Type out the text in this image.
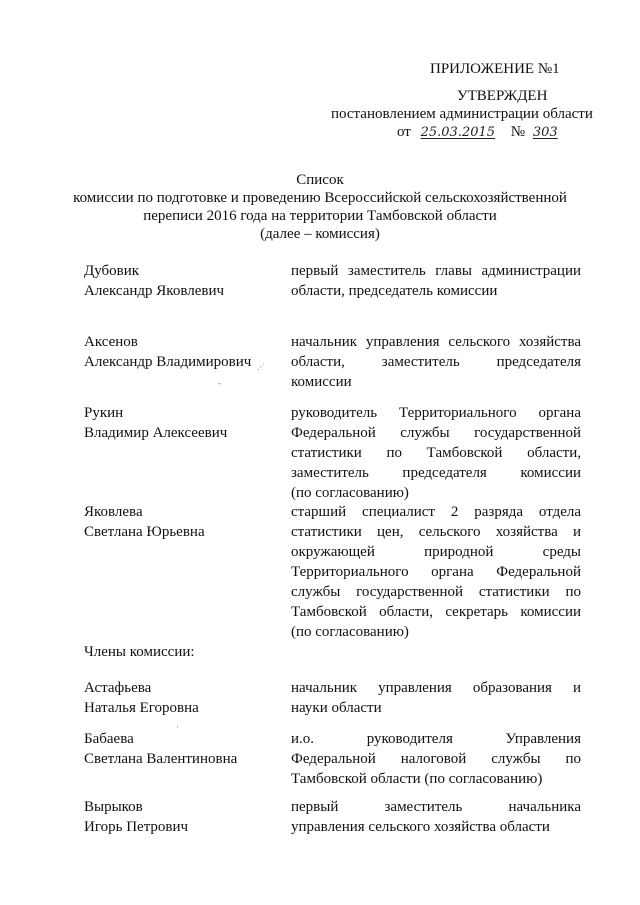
ПРИЛОЖЕНИЕ №1
УТВЕРЖДЕН
постановлением администрации области
от 25.03.2015 № 303
Список
комиссии по подготовке и проведению Всероссийской сельскохозяйственной
переписи 2016 года на территории Тамбовской области
(далее – комиссия)
Дубовик
Александр Яковлевич
первый заместитель главы администрации
области, председатель комиссии
Аксенов
Александр Владимирович .·˙
-
начальник управления сельского хозяйства
области, заместитель председателя
комиссии
Рукин
Владимир Алексеевич
руководитель Территориального органа
Федеральной службы государственной
статистики по Тамбовской области,
заместитель председателя комиссии
(по согласованию)
Яковлева
Светлана Юрьевна
старший специалист 2 разряда отдела
статистики цен, сельского хозяйства и
окружающей природной среды
Территориального органа Федеральной
службы государственной статистики по
Тамбовской области, секретарь комиссии
(по согласованию)
Члены комиссии:
Астафьева
Наталья Егоровна
начальник управления образования и
науки области
·
Бабаева
Светлана Валентиновна
и.о. руководителя Управления
Федеральной налоговой службы по
Тамбовской области (по согласованию)
Вырыков
Игорь Петрович
первый заместитель начальника
управления сельского хозяйства области
